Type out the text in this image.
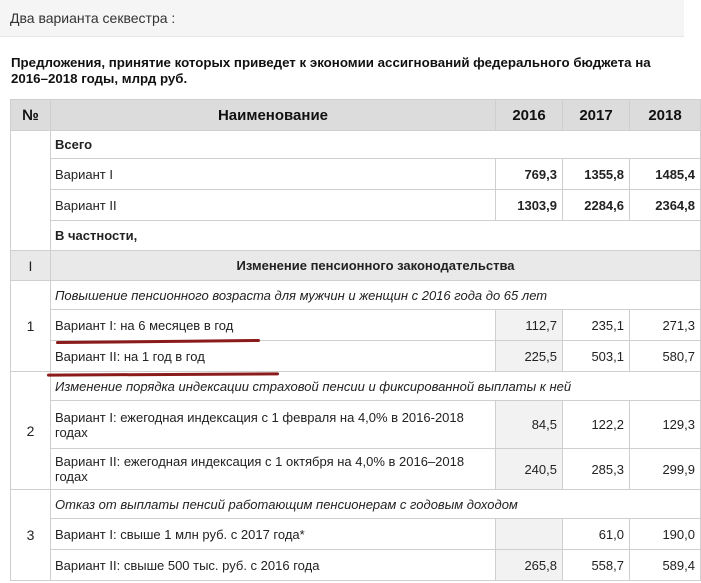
Два варианта секвестра :
Предложения, принятие которых приведет к экономии ассигнований федерального бюджета на 2016–2018 годы, млрд руб.
№	Наименование	2016	2017	2018
	Всего			
	Вариант I	769,3	1355,8	1485,4
	Вариант II	1303,9	2284,6	2364,8
	В частности,			
I	Изменение пенсионного законодательства			
1	Повышение пенсионного возраста для мужчин и женщин с 2016 года до 65 лет			
	Вариант I: на 6 месяцев в год	112,7	235,1	271,3
	Вариант II: на 1 год в год	225,5	503,1	580,7
2	Изменение порядка индексации страховой пенсии и фиксированной выплаты к ней			
	Вариант I: ежегодная индексация с 1 февраля на 4,0% в 2016-2018 годах	84,5	122,2	129,3
	Вариант II: ежегодная индексация с 1 октября на 4,0% в 2016–2018 годах	240,5	285,3	299,9
3	Отказ от выплаты пенсий работающим пенсионерам с годовым доходом			
	Вариант I: свыше 1 млн руб. с 2017 года*		61,0	190,0
	Вариант II: свыше 500 тыс. руб. с 2016 года	265,8	558,7	589,4
